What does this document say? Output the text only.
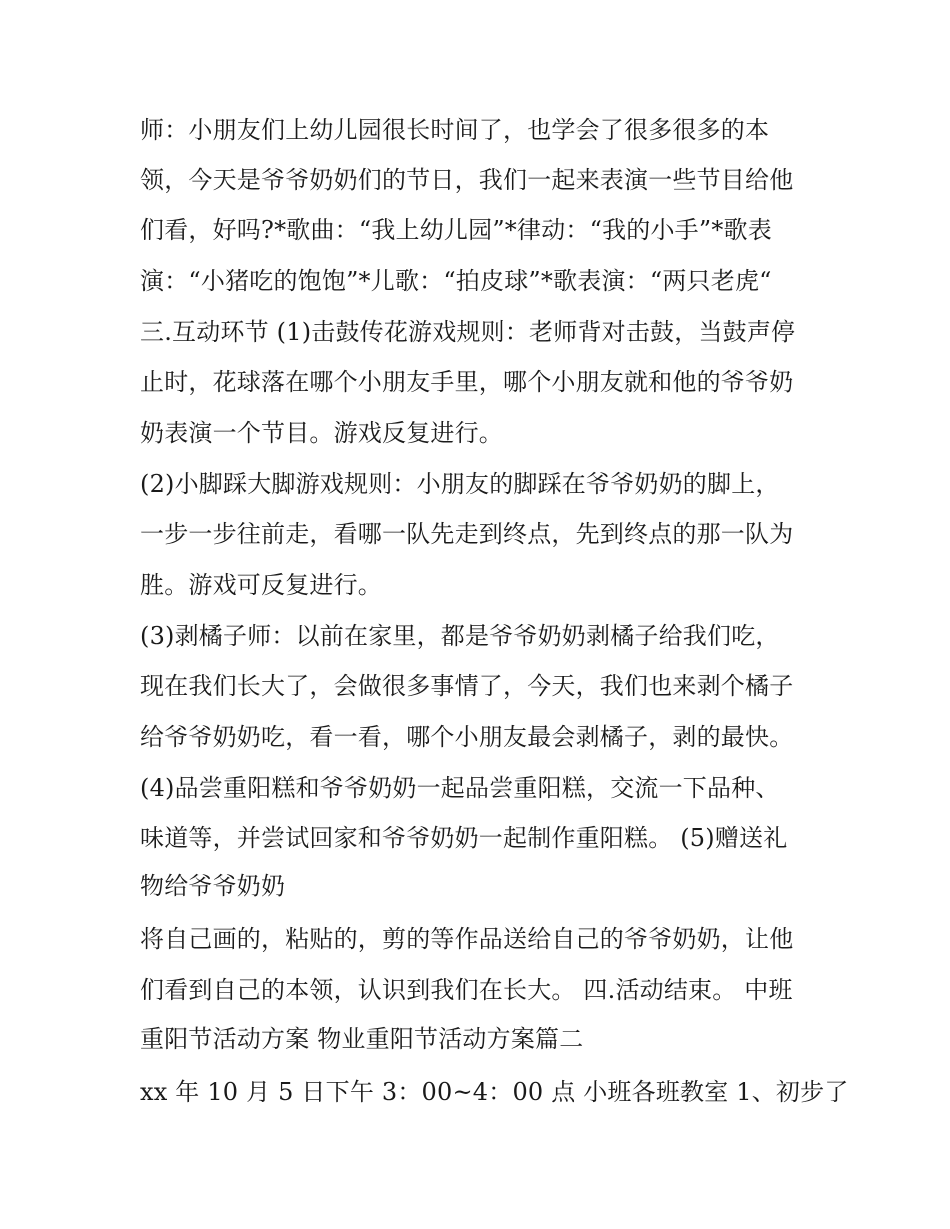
师：小朋友们上幼儿园很长时间了，也学会了很多很多的本
领，今天是爷爷奶奶们的节日，我们一起来表演一些节目给他
们看，好吗?*歌曲：“我上幼儿园”*律动：“我的小手”*歌表
演：“小猪吃的饱饱”*儿歌：“拍皮球”*歌表演：“两只老虎“
三.互动环节 (1)击鼓传花游戏规则：老师背对击鼓，当鼓声停
止时，花球落在哪个小朋友手里，哪个小朋友就和他的爷爷奶
奶表演一个节目。游戏反复进行。
(2)小脚踩大脚游戏规则：小朋友的脚踩在爷爷奶奶的脚上，
一步一步往前走，看哪一队先走到终点，先到终点的那一队为
胜。游戏可反复进行。
(3)剥橘子师：以前在家里，都是爷爷奶奶剥橘子给我们吃，
现在我们长大了，会做很多事情了，今天，我们也来剥个橘子
给爷爷奶奶吃，看一看，哪个小朋友最会剥橘子，剥的最快。
(4)品尝重阳糕和爷爷奶奶一起品尝重阳糕，交流一下品种、
味道等，并尝试回家和爷爷奶奶一起制作重阳糕。 (5)赠送礼
物给爷爷奶奶
将自己画的，粘贴的，剪的等作品送给自己的爷爷奶奶，让他
们看到自己的本领，认识到我们在长大。 四.活动结束。 中班
重阳节活动方案 物业重阳节活动方案篇二
xx 年 10 月 5 日下午 3：00~4：00 点 小班各班教室 1、初步了
